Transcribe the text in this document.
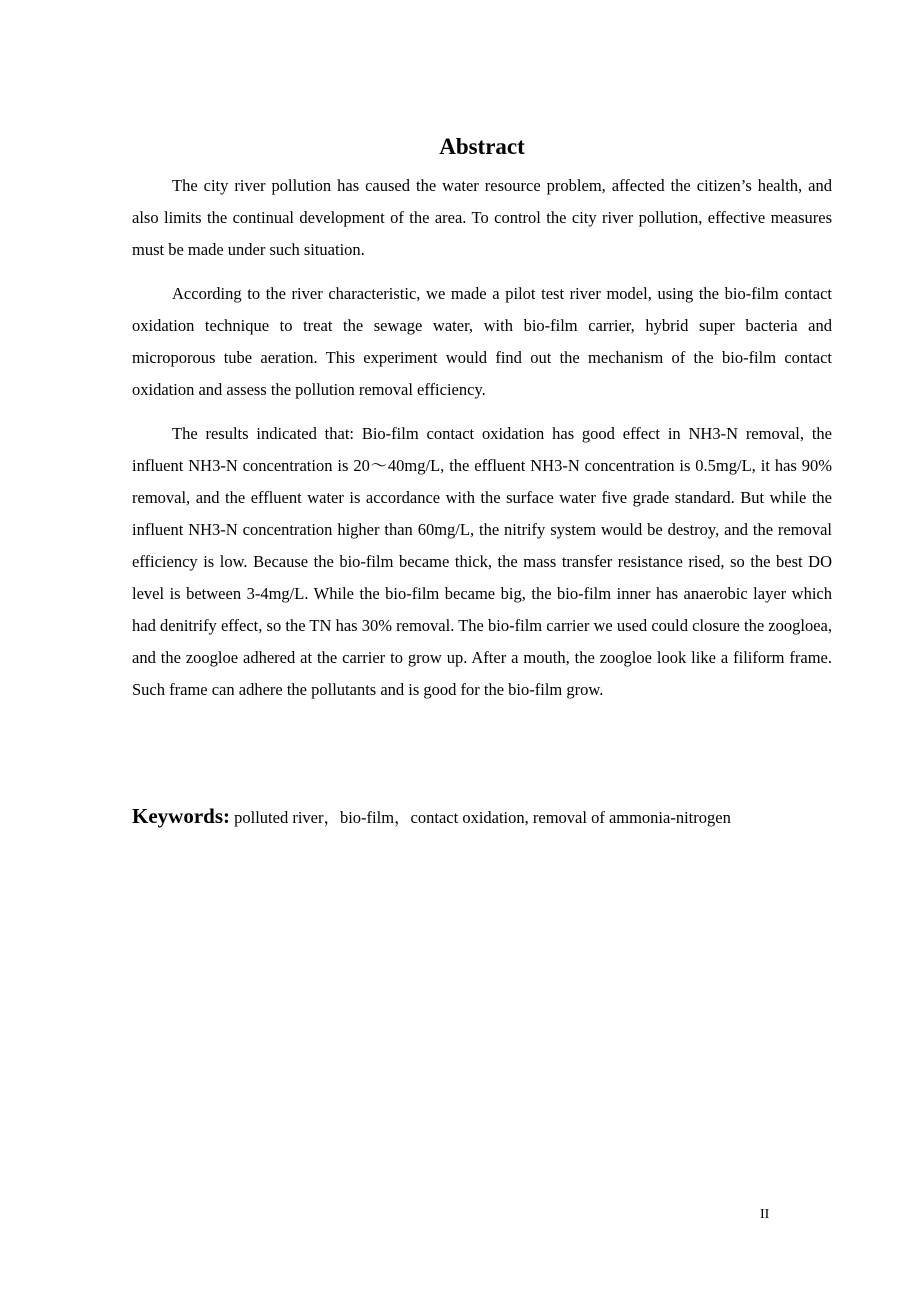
Abstract

The city river pollution has caused the water resource problem, affected the citizen’s health, and also limits the continual development of the area. To control the city river pollution, effective measures must be made under such situation.

According to the river characteristic, we made a pilot test river model, using the bio-film contact oxidation technique to treat the sewage water, with bio-film carrier, hybrid super bacteria and microporous tube aeration. This experiment would find out the mechanism of the bio-film contact oxidation and assess the pollution removal efficiency.

The results indicated that: Bio-film contact oxidation has good effect in NH3-N removal, the influent NH3-N concentration is 20～40mg/L, the effluent NH3-N concentration is 0.5mg/L, it has 90% removal, and the effluent water is accordance with the surface water five grade standard. But while the influent NH3-N concentration higher than 60mg/L, the nitrify system would be destroy, and the removal efficiency is low. Because the bio-film became thick, the mass transfer resistance rised, so the best DO level is between 3-4mg/L. While the bio-film became big, the bio-film inner has anaerobic layer which had denitrify effect, so the TN has 30% removal. The bio-film carrier we used could closure the zoogloea, and the zoogloe adhered at the carrier to grow up. After a mouth, the zoogloe look like a filiform frame. Such frame can adhere the pollutants and is good for the bio-film grow.

Keywords: polluted river，bio-film，contact oxidation, removal of ammonia-nitrogen
II
